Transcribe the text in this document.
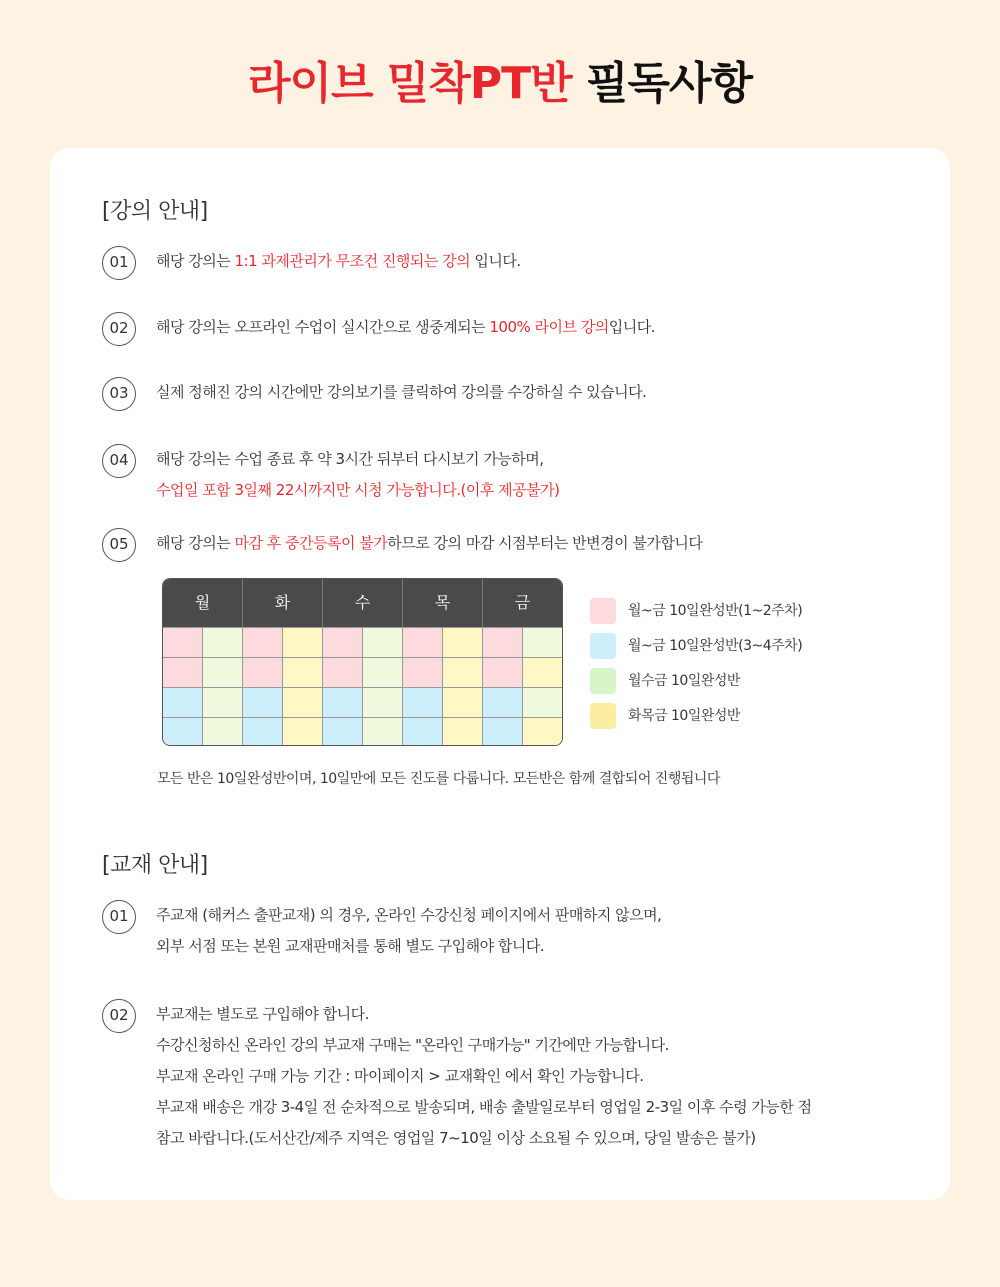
라이브 밀착PT반 필독사항
[강의 안내]
01	해당 강의는 1:1 과제관리가 무조건 진행되는 강의 입니다.
02	해당 강의는 오프라인 수업이 실시간으로 생중계되는 100% 라이브 강의입니다.
03	실제 정해진 강의 시간에만 강의보기를 클릭하여 강의를 수강하실 수 있습니다.
04	해당 강의는 수업 종료 후 약 3시간 뒤부터 다시보기 가능하며,
수업일 포함 3일째 22시까지만 시청 가능합니다.(이후 제공불가)
05	해당 강의는 마감 후 중간등록이 불가하므로 강의 마감 시점부터는 반변경이 불가합니다
월	화	수	목	금	월~금 10일완성반(1~2주차)
월~금 10일완성반(3~4주차)
월수금 10일완성반
화목금 10일완성반
모든 반은 10일완성반이며, 10일만에 모든 진도를 다룹니다. 모든반은 함께 결합되어 진행됩니다
[교재 안내]
01	주교재 (해커스 출판교재) 의 경우, 온라인 수강신청 페이지에서 판매하지 않으며,
외부 서점 또는 본원 교재판매처를 통해 별도 구입해야 합니다.
02	부교재는 별도로 구입해야 합니다.
수강신청하신 온라인 강의 부교재 구매는 "온라인 구매가능" 기간에만 가능합니다.
부교재 온라인 구매 가능 기간 : 마이페이지 > 교재확인 에서 확인 가능합니다.
부교재 배송은 개강 3-4일 전 순차적으로 발송되며, 배송 출발일로부터 영업일 2-3일 이후 수령 가능한 점
참고 바랍니다.(도서산간/제주 지역은 영업일 7~10일 이상 소요될 수 있으며, 당일 발송은 불가)
